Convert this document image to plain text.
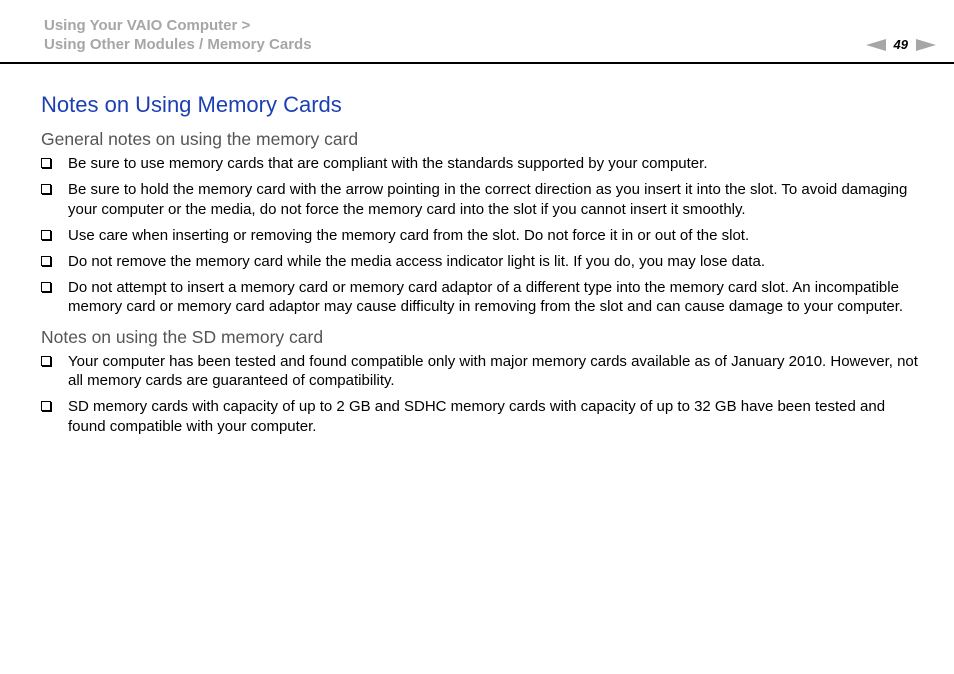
Using Your VAIO Computer >
Using Other Modules / Memory Cards	49
Notes on Using Memory Cards
General notes on using the memory card
Be sure to use memory cards that are compliant with the standards supported by your computer.
Be sure to hold the memory card with the arrow pointing in the correct direction as you insert it into the slot. To avoid damaging your computer or the media, do not force the memory card into the slot if you cannot insert it smoothly.
Use care when inserting or removing the memory card from the slot. Do not force it in or out of the slot.
Do not remove the memory card while the media access indicator light is lit. If you do, you may lose data.
Do not attempt to insert a memory card or memory card adaptor of a different type into the memory card slot. An incompatible memory card or memory card adaptor may cause difficulty in removing from the slot and can cause damage to your computer.
Notes on using the SD memory card
Your computer has been tested and found compatible only with major memory cards available as of January 2010. However, not all memory cards are guaranteed of compatibility.
SD memory cards with capacity of up to 2 GB and SDHC memory cards with capacity of up to 32 GB have been tested and found compatible with your computer.
